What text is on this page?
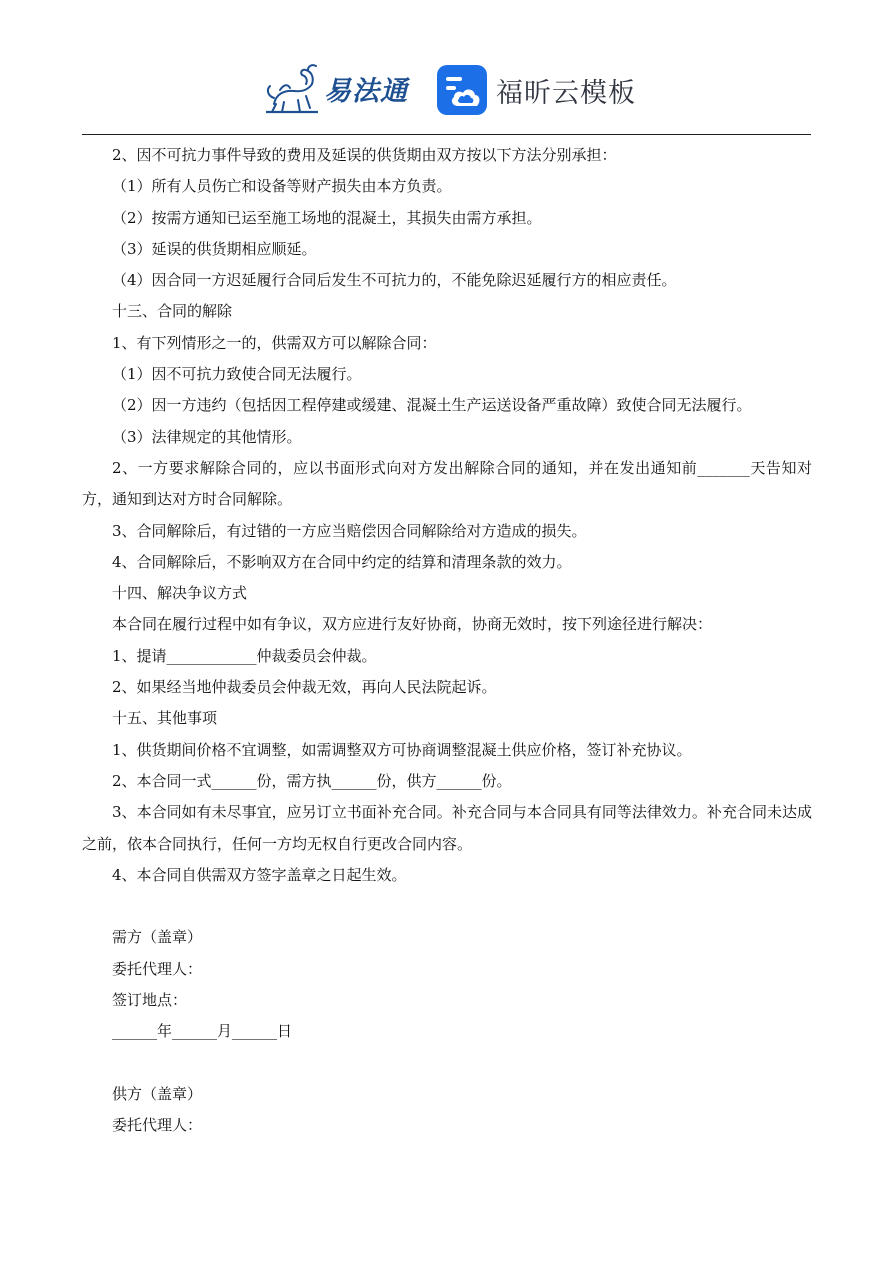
易法通	福昕云模板

2、因不可抗力事件导致的费用及延误的供货期由双方按以下方法分别承担：

（1）所有人员伤亡和设备等财产损失由本方负责。

（2）按需方通知已运至施工场地的混凝土，其损失由需方承担。

（3）延误的供货期相应顺延。

（4）因合同一方迟延履行合同后发生不可抗力的，不能免除迟延履行方的相应责任。

十三、合同的解除

1、有下列情形之一的，供需双方可以解除合同：

（1）因不可抗力致使合同无法履行。

（2）因一方违约（包括因工程停建或缓建、混凝土生产运送设备严重故障）致使合同无法履行。

（3）法律规定的其他情形。

2、一方要求解除合同的，应以书面形式向对方发出解除合同的通知，并在发出通知前_______天告知对方，通知到达对方时合同解除。

3、合同解除后，有过错的一方应当赔偿因合同解除给对方造成的损失。

4、合同解除后，不影响双方在合同中约定的结算和清理条款的效力。

十四、解决争议方式

本合同在履行过程中如有争议，双方应进行友好协商，协商无效时，按下列途径进行解决：

1、提请____________仲裁委员会仲裁。

2、如果经当地仲裁委员会仲裁无效，再向人民法院起诉。

十五、其他事项

1、供货期间价格不宜调整，如需调整双方可协商调整混凝土供应价格，签订补充协议。

2、本合同一式______份，需方执______份，供方______份。

3、本合同如有未尽事宜，应另订立书面补充合同。补充合同与本合同具有同等法律效力。补充合同未达成之前，依本合同执行，任何一方均无权自行更改合同内容。

4、本合同自供需双方签字盖章之日起生效。

需方（盖章）

委托代理人：

签订地点：

______年______月______日

供方（盖章）

委托代理人：
